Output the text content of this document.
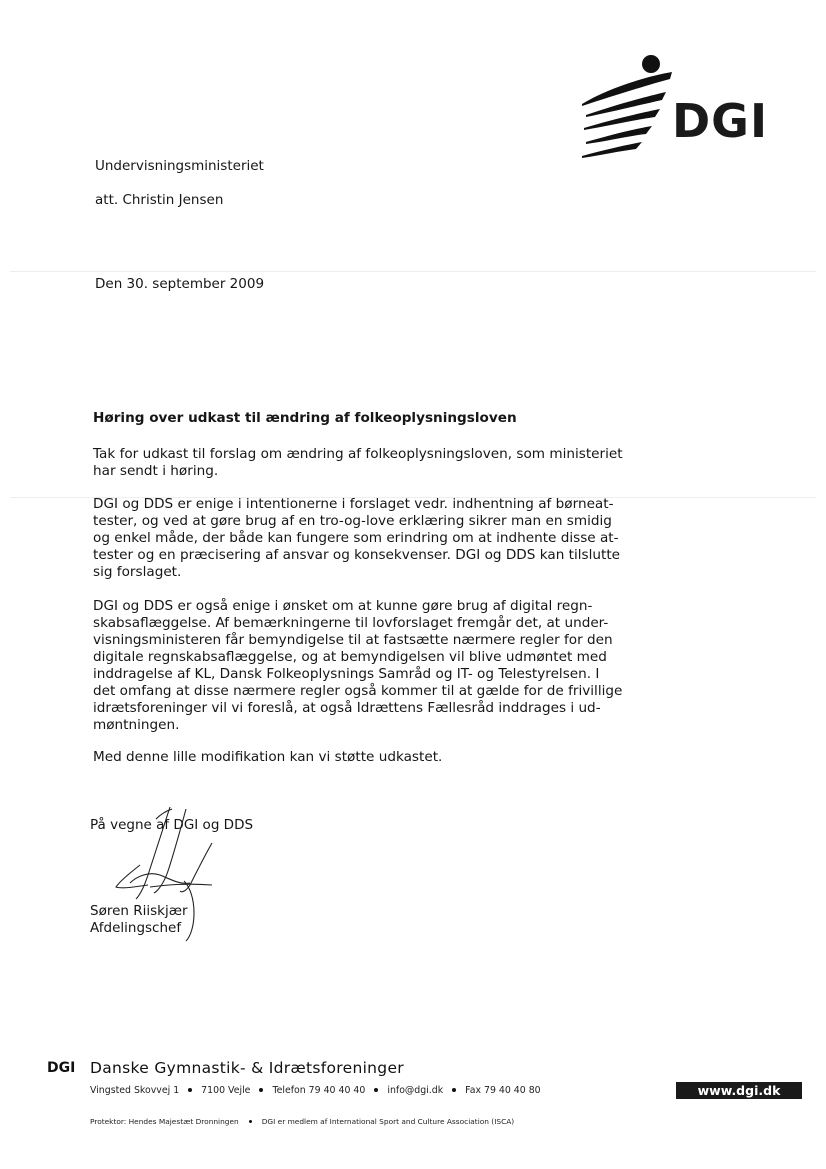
DGI
Undervisningsministeriet
att. Christin Jensen
Den 30. september 2009
Høring over udkast til ændring af folkeoplysningsloven
Tak for udkast til forslag om ændring af folkeoplysningsloven, som ministeriet
har sendt i høring.
DGI og DDS er enige i intentionerne i forslaget vedr. indhentning af børneat-
tester, og ved at gøre brug af en tro-og-love erklæring sikrer man en smidig
og enkel måde, der både kan fungere som erindring om at indhente disse at-
tester og en præcisering af ansvar og konsekvenser. DGI og DDS kan tilslutte
sig forslaget.
DGI og DDS er også enige i ønsket om at kunne gøre brug af digital regn-
skabsaflæggelse. Af bemærkningerne til lovforslaget fremgår det, at under-
visningsministeren får bemyndigelse til at fastsætte nærmere regler for den
digitale regnskabsaflæggelse, og at bemyndigelsen vil blive udmøntet med
inddragelse af KL, Dansk Folkeoplysnings Samråd og IT- og Telestyrelsen. I
det omfang at disse nærmere regler også kommer til at gælde for de frivillige
idrætsforeninger vil vi foreslå, at også Idrættens Fællesråd inddrages i ud-
møntningen.
Med denne lille modifikation kan vi støtte udkastet.
På vegne af DGI og DDS
Søren Riiskjær
Afdelingschef
DGI Danske Gymnastik- & Idrætsforeninger
Vingsted Skovvej 1 7100 Vejle Telefon 79 40 40 40 info@dgi.dk Fax 79 40 40 80	www.dgi.dk
Protektor: Hendes Majestæt Dronningen	DGI er medlem af International Sport and Culture Association (ISCA)
